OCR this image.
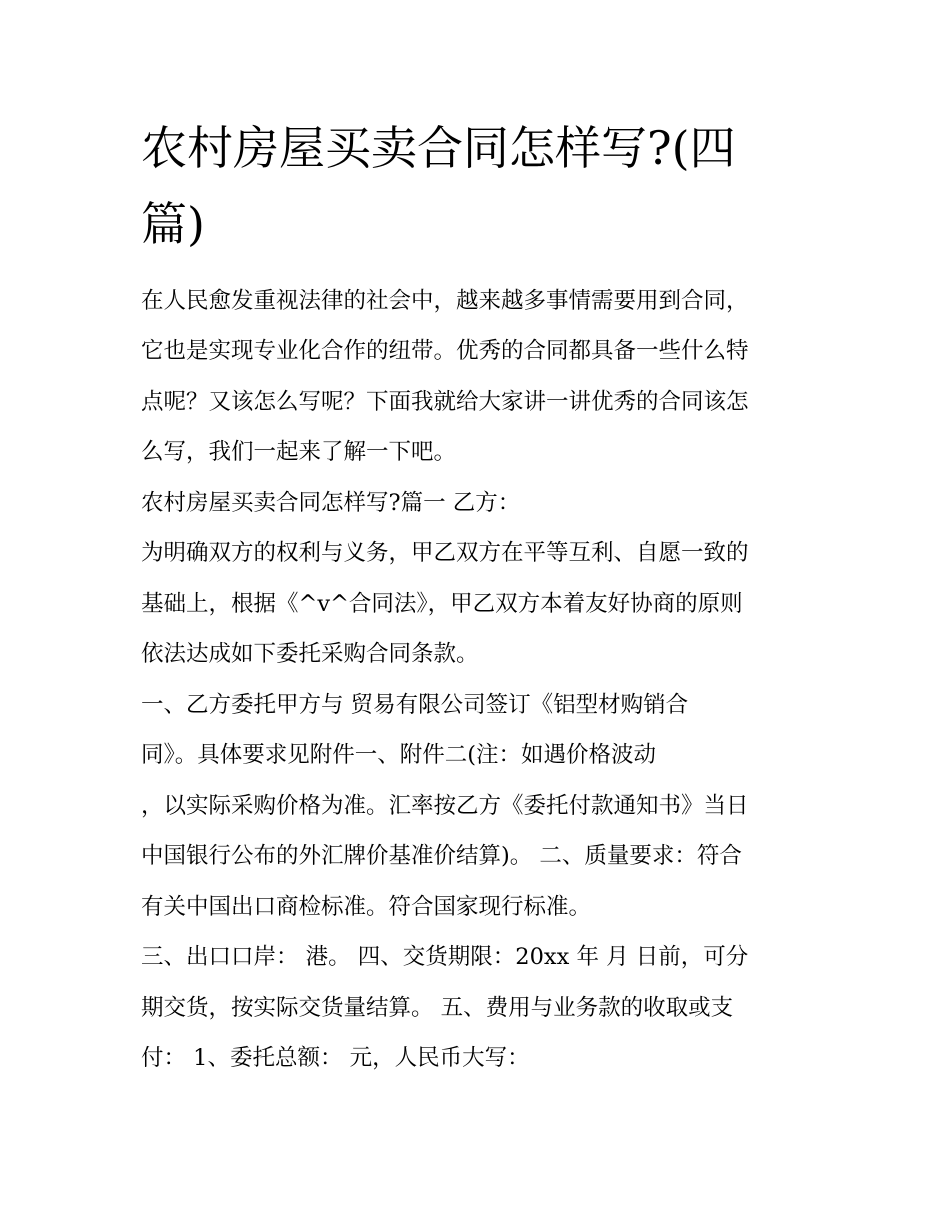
农村房屋买卖合同怎样写?(四
篇)
在人民愈发重视法律的社会中，越来越多事情需要用到合同，
它也是实现专业化合作的纽带。优秀的合同都具备一些什么特
点呢？又该怎么写呢？下面我就给大家讲一讲优秀的合同该怎
么写，我们一起来了解一下吧。
农村房屋买卖合同怎样写?篇一 乙方：
为明确双方的权利与义务，甲乙双方在平等互利、自愿一致的
基础上，根据《^v^合同法》，甲乙双方本着友好协商的原则
依法达成如下委托采购合同条款。
一、乙方委托甲方与 贸易有限公司签订《铝型材购销合
同》。具体要求见附件一、附件二(注：如遇价格波动
，以实际采购价格为准。汇率按乙方《委托付款通知书》当日
中国银行公布的外汇牌价基准价结算)。 二、质量要求：符合
有关中国出口商检标准。符合国家现行标准。
三、出口口岸： 港。 四、交货期限：20xx 年 月 日前，可分
期交货，按实际交货量结算。 五、费用与业务款的收取或支
付： 1、委托总额： 元，人民币大写：
